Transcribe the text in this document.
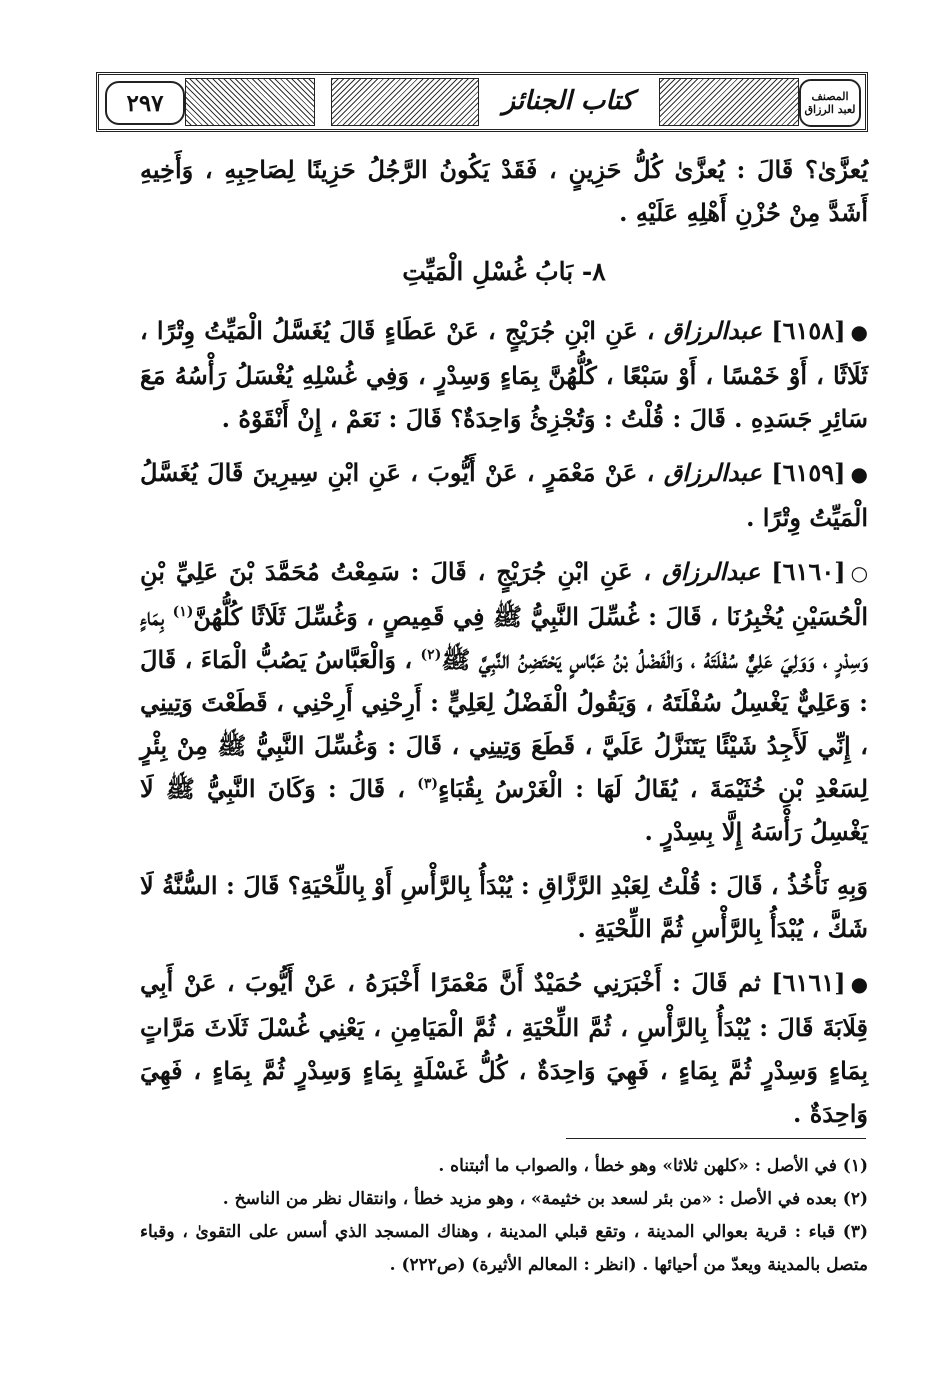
٢٩٧	كتاب الجنائز	المصنف
لعبد الرزاق

يُعزَّىٰ؟ قَالَ : يُعزَّىٰ كُلُّ حَزِينٍ ، فَقَدْ يَكُونُ الرَّجُلُ حَزِينًا لِصَاحِبِهِ ، وَأَخِيهِ أَشَدَّ مِنْ حُزْنِ أَهْلِهِ عَلَيْهِ .

٨- بَابُ غُسْلِ الْمَيِّتِ

●[٦١٥٨] عبدالرزاق ، عَنِ ابْنِ جُرَيْجٍ ، عَنْ عَطَاءٍ قَالَ يُغَسَّلُ الْمَيِّتُ وِتْرًا ، ثَلَاثًا ، أَوْ خَمْسًا ، أَوْ سَبْعًا ، كُلُّهُنَّ بِمَاءٍ وَسِدْرٍ ، وَفِي غُسْلِهِ يُغْسَلُ رَأْسُهُ مَعَ سَائِرِ جَسَدِهِ . قَالَ : قُلْتُ : وَتُجْزِئُ وَاحِدَةٌ؟ قَالَ : نَعَمْ ، إِنْ أَنْقَوْهُ .

●[٦١٥٩] عبدالرزاق ، عَنْ مَعْمَرٍ ، عَنْ أَيُّوبَ ، عَنِ ابْنِ سِيرِينَ قَالَ يُغَسَّلُ الْمَيِّتُ وِتْرًا .

○[٦١٦٠] عبدالرزاق ، عَنِ ابْنِ جُرَيْجٍ ، قَالَ : سَمِعْتُ مُحَمَّدَ بْنَ عَلِيِّ بْنِ الْحُسَيْنِ يُخْبِرُنَا ، قَالَ : غُسِّلَ النَّبِيُّ ﷺ فِي قَمِيصٍ ، وَغُسِّلَ ثَلَاثًا كُلُّهُنَّ$^{(١)}$ بِمَاءٍ وَسِدْرٍ ، وَوَلِيَ عَلِيٌّ سُفْلَتَهُ ، وَالْفَضْلُ بْنُ عَبَّاسٍ يَحْتَضِنُ النَّبِيَّ ﷺ$^{(٢)}$ ، وَالْعَبَّاسُ يَصُبُّ الْمَاءَ ، قَالَ : وَعَلِيٌّ يَغْسِلُ سُفْلَتَهُ ، وَيَقُولُ الْفَضْلُ لِعَلِيٍّ : أَرِحْنِي أَرِحْنِي ، قَطَعْتَ وَتِينِي ، إِنِّي لَأَجِدُ شَيْئًا يَتَنَزَّلُ عَلَيَّ ، قَطَعَ وَتِينِي ، قَالَ : وَغُسِّلَ النَّبِيُّ ﷺ مِنْ بِئْرٍ لِسَعْدِ بْنِ خُثَيْمَةَ ، يُقَالُ لَهَا : الْغَرْسُ بِقُبَاءٍ$^{(٣)}$ ، قَالَ : وَكَانَ النَّبِيُّ ﷺ لَا يَغْسِلُ رَأْسَهُ إِلَّا بِسِدْرٍ .

وَبِهِ نَأْخُذُ ، قَالَ : قُلْتُ لِعَبْدِ الرَّزَّاقِ : يُبْدَأُ بِالرَّأْسِ أَوْ بِاللِّحْيَةِ؟ قَالَ : السُّنَّةُ لَا شَكَّ ، يُبْدَأُ بِالرَّأْسِ ثُمَّ اللِّحْيَةِ .

●[٦١٦١] ثم قَالَ : أَخْبَرَنِي حُمَيْدٌ أَنَّ مَعْمَرًا أَخْبَرَهُ ، عَنْ أَيُّوبَ ، عَنْ أَبِي قِلَابَةَ قَالَ : يُبْدَأُ بِالرَّأْسِ ، ثُمَّ اللِّحْيَةِ ، ثُمَّ الْمَيَامِنِ ، يَعْنِي غُسْلَ ثَلَاثَ مَرَّاتٍ بِمَاءٍ وَسِدْرٍ ثُمَّ بِمَاءٍ ، فَهِيَ وَاحِدَةٌ ، كُلُّ غَسْلَةٍ بِمَاءٍ وَسِدْرٍ ثُمَّ بِمَاءٍ ، فَهِيَ وَاحِدَةٌ .

(١) في الأصل : «كلهن ثلاثا» وهو خطأ ، والصواب ما أثبتناه .

(٢) بعده في الأصل : «من بئر لسعد بن خثيمة» ، وهو مزيد خطأ ، وانتقال نظر من الناسخ .

(٣) قباء : قرية بعوالي المدينة ، وتقع قبلي المدينة ، وهناك المسجد الذي أسس على التقوىٰ ، وقباء متصل بالمدينة ويعدّ من أحيائها . (انظر : المعالم الأثيرة) (ص٢٢٢) .
